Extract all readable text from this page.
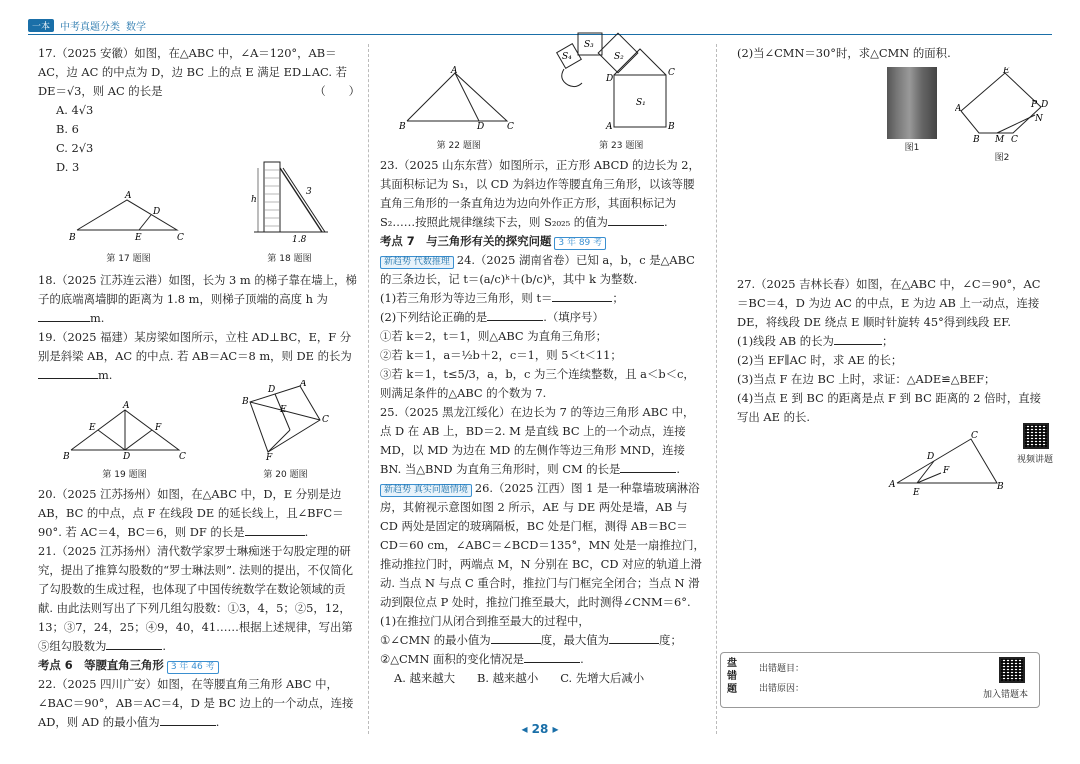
一本	中考真题分类 数学

17.（2025 安徽）如图，在△ABC 中，∠A＝120°，AB＝AC，边 AC 的中点为 D，边 BC 上的点 E 满足 ED⊥AC. 若 DE＝√3，则 AC 的长是	（　　）

A. 4√3
B. 6
C. 2√3
D. 3
A
B	C
D
E
第 17 题图
h
3
1.8
第 18 题图

18.（2025 江苏连云港）如图，长为 3 m 的梯子靠在墙上，梯子的底端离墙脚的距离为 1.8 m，则梯子顶端的高度 h 为m.

19.（2025 福建）某房梁如图所示，立柱 AD⊥BC，E，F 分别是斜梁 AB，AC 的中点. 若 AB＝AC＝8 m，则 DE 的长为m.

A
B	C
D
E	F
第 19 题图
A
B
C
D
E
F
第 20 题图

20.（2025 江苏扬州）如图，在△ABC 中，D，E 分别是边 AB，BC 的中点，点 F 在线段 DE 的延长线上，且∠BFC＝90°. 若 AC＝4，BC＝6，则 DF 的长是	.

21.（2025 江苏扬州）清代数学家罗士琳痴迷于勾股定理的研究，提出了推算勾股数的“罗士琳法则”. 法则的提出，不仅简化了勾股数的生成过程，也体现了中国传统数学在数论领域的贡献. 由此法则写出了下列几组勾股数：①3，4，5；②5，12，13；③7，24，25；④9，40，41……根据上述规律，写出第⑤组勾股数为	.

考点 6　等腰直角三角形 3 年 46 考

22.（2025 四川广安）如图，在等腰直角三角形 ABC 中，∠BAC＝90°，AB＝AC＝4，D 是 BC 边上的一个动点，连接 AD，则 AD 的最小值为	.

A
B	C
D
第 22 题图
S₁
S₂
S₃
S₄
A	B
C
D
第 23 题图

23.（2025 山东东营）如图所示，正方形 ABCD 的边长为 2，其面积标记为 S₁，以 CD 为斜边作等腰直角三角形，以该等腰直角三角形的一条直角边为边向外作正方形，其面积标记为 S₂……按照此规律继续下去，则 S₂₀₂₅ 的值为	.

考点 7　与三角形有关的探究问题 3 年 89 考

新趋势 代数推理 24.（2025 湖南省卷）已知 a，b，c 是△ABC 的三条边长，记 t＝(a/c)ᵏ＋(b/c)ᵏ，其中 k 为整数.

(1)若三角形为等边三角形，则 t＝	；

(2)下列结论正确的是	.（填序号）

①若 k＝2，t＝1，则△ABC 为直角三角形；

②若 k＝1，a＝½b＋2，c＝1，则 5＜t＜11；

③若 k＝1，t≤5/3，a，b，c 为三个连续整数，且 a＜b＜c，则满足条件的△ABC 的个数为 7.

25.（2025 黑龙江绥化）在边长为 7 的等边三角形 ABC 中，点 D 在 AB 上，BD＝2. M 是直线 BC 上的一个动点，连接 MD，以 MD 为边在 MD 的左侧作等边三角形 MND，连接 BN. 当△BND 为直角三角形时，则 CM 的长是	.

新趋势 真实问题情境 26.（2025 江西）图 1 是一种靠墙玻璃淋浴房，其俯视示意图如图 2 所示，AE 与 DE 两处是墙，AB 与 CD 两处是固定的玻璃隔板，BC 处是门框，测得 AB＝BC＝CD＝60 cm，∠ABC＝∠BCD＝135°，MN 处是一扇推拉门，推动推拉门时，两端点 M，N 分别在 BC，CD 对应的轨道上滑动. 当点 N 与点 C 重合时，推拉门与门框完全闭合；当点 N 滑动到限位点 P 处时，推拉门推至最大，此时测得∠CNM＝6°.

(1)在推拉门从闭合到推至最大的过程中，

①∠CMN 的最小值为	度，最大值为	度；

②△CMN 面积的变化情况是	.

A. 越来越大 B. 越来越小 C. 先增大后减小

(2)当∠CMN＝30°时，求△CMN 的面积.

图1
E
A
B	C
D
M
N
P
图2

27.（2025 吉林长春）如图，在△ABC 中，∠C＝90°，AC＝BC＝4，D 为边 AC 的中点，E 为边 AB 上一动点，连接 DE，将线段 DE 绕点 E 顺时针旋转 45°得到线段 EF.

(1)线段 AB 的长为	；

(2)当 EF∥AC 时，求 AE 的长；

(3)当点 F 在边 BC 上时，求证：△ADE≌△BEF；

(4)当点 E 到 BC 的距离是点 F 到 BC 距离的 2 倍时，直接写出 AE 的长.

C
A	B
D
E
F
视频讲题
盘错题
出错题目：
出错原因：
加入错题本
◂ 28 ▸
